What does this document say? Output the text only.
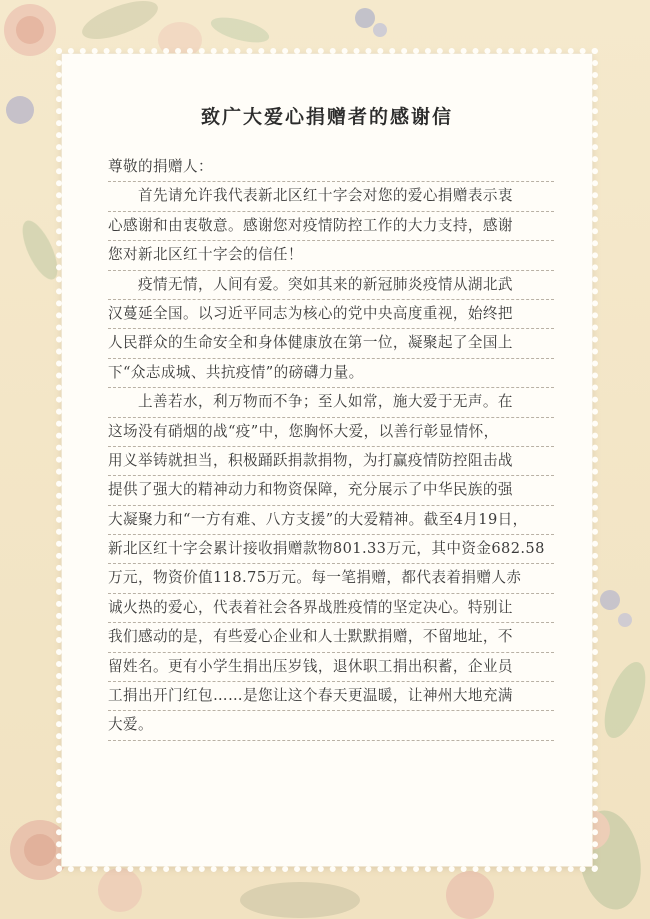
致广大爱心捐赠者的感谢信
尊敬的捐赠人：
　　首先请允许我代表新北区红十字会对您的爱心捐赠表示衷
心感谢和由衷敬意。感谢您对疫情防控工作的大力支持，感谢
您对新北区红十字会的信任！
　　疫情无情，人间有爱。突如其来的新冠肺炎疫情从湖北武
汉蔓延全国。以习近平同志为核心的党中央高度重视，始终把
人民群众的生命安全和身体健康放在第一位，凝聚起了全国上
下“众志成城、共抗疫情”的磅礴力量。
　　上善若水，利万物而不争；至人如常，施大爱于无声。在
这场没有硝烟的战“疫”中，您胸怀大爱，以善行彰显情怀，
用义举铸就担当，积极踊跃捐款捐物，为打赢疫情防控阻击战
提供了强大的精神动力和物资保障，充分展示了中华民族的强
大凝聚力和“一方有难、八方支援”的大爱精神。截至4月19日，
新北区红十字会累计接收捐赠款物801.33万元，其中资金682.58
万元，物资价值118.75万元。每一笔捐赠，都代表着捐赠人赤
诚火热的爱心，代表着社会各界战胜疫情的坚定决心。特别让
我们感动的是，有些爱心企业和人士默默捐赠，不留地址，不
留姓名。更有小学生捐出压岁钱，退休职工捐出积蓄，企业员
工捐出开门红包……是您让这个春天更温暖，让神州大地充满
大爱。
